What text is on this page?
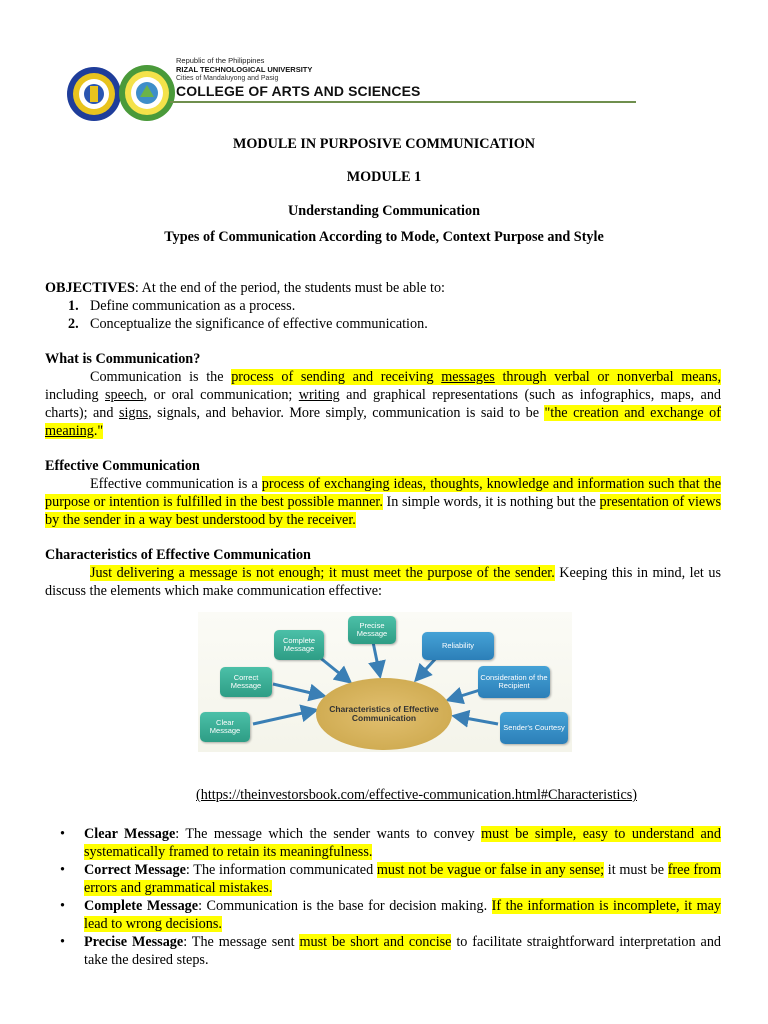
Republic of the Philippines
RIZAL TECHNOLOGICAL UNIVERSITY
Cities of Mandaluyong and Pasig
COLLEGE OF ARTS AND SCIENCES
MODULE IN PURPOSIVE COMMUNICATION
MODULE 1
Understanding Communication
Types of Communication According to Mode, Context Purpose and Style
OBJECTIVES: At the end of the period, the students must be able to:
1. Define communication as a process.
2. Conceptualize the significance of effective communication.
What is Communication?
Communication is the process of sending and receiving messages through verbal or nonverbal means, including speech, or oral communication; writing and graphical representations (such as infographics, maps, and charts); and signs, signals, and behavior. More simply, communication is said to be "the creation and exchange of meaning."
Effective Communication
Effective communication is a process of exchanging ideas, thoughts, knowledge and information such that the purpose or intention is fulfilled in the best possible manner. In simple words, it is nothing but the presentation of views by the sender in a way best understood by the receiver.
Characteristics of Effective Communication
Just delivering a message is not enough; it must meet the purpose of the sender. Keeping this in mind, let us discuss the elements which make communication effective:
Clear Message
Correct Message
Complete Message
Precise Message
Reliability
Consideration of the Recipient
Sender's Courtesy
Characteristics of Effective Communication
(https://theinvestorsbook.com/effective-communication.html#Characteristics)
• Clear Message: The message which the sender wants to convey must be simple, easy to understand and systematically framed to retain its meaningfulness.
• Correct Message: The information communicated must not be vague or false in any sense; it must be free from errors and grammatical mistakes.
• Complete Message: Communication is the base for decision making. If the information is incomplete, it may lead to wrong decisions.
• Precise Message: The message sent must be short and concise to facilitate straightforward interpretation and take the desired steps.
